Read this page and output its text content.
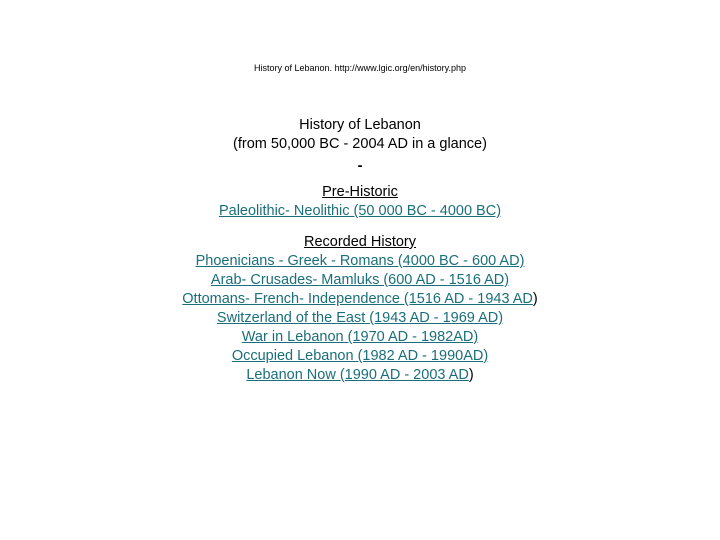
History of Lebanon. http://www.lgic.org/en/history.php
History of Lebanon
(from 50,000 BC - 2004 AD in a glance)
-
Pre-Historic
Paleolithic- Neolithic (50 000 BC - 4000 BC)
Recorded History
Phoenicians - Greek - Romans (4000 BC - 600 AD)
Arab- Crusades- Mamluks (600 AD - 1516 AD)
Ottomans- French- Independence (1516 AD - 1943 AD)
Switzerland of the East (1943 AD - 1969 AD)
War in Lebanon (1970 AD - 1982AD)
Occupied Lebanon (1982 AD - 1990AD)
Lebanon Now (1990 AD - 2003 AD)
